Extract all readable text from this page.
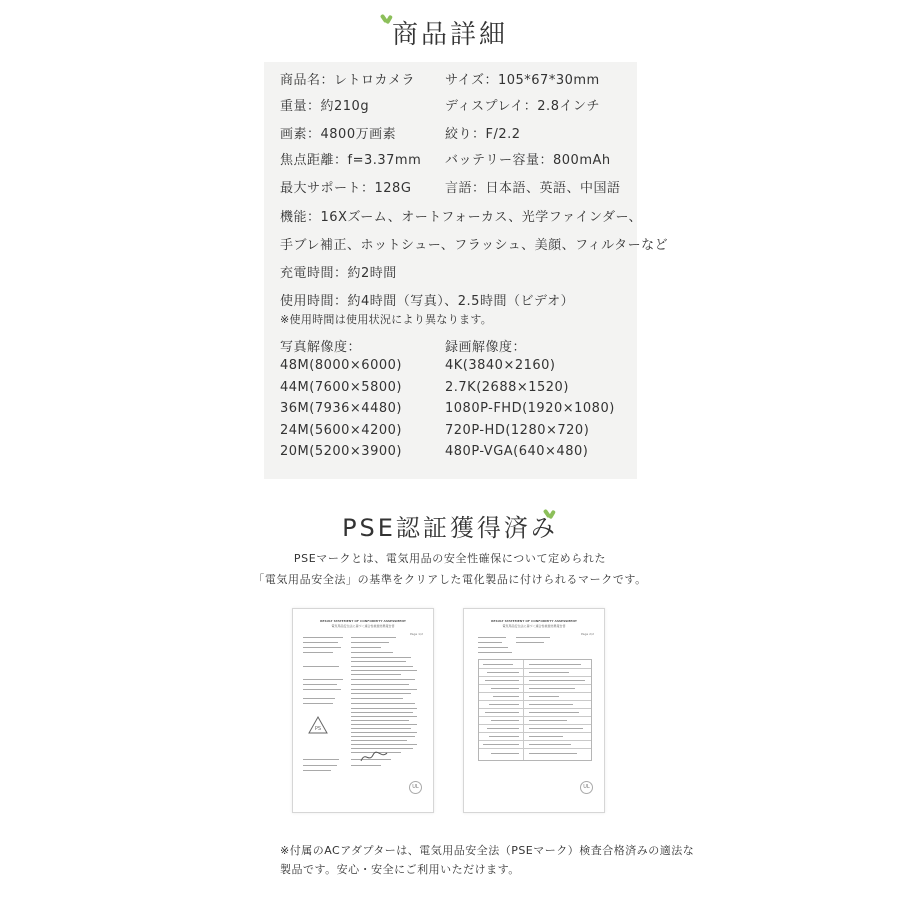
商品詳細
商品名：レトロカメラ サイズ：105*67*30mm
重量：約210g	ディスプレイ：2.8インチ
画素：4800万画素	絞り：F/2.2
焦点距離：f=3.37mm バッテリー容量：800mAh
最大サポート：128G	言語：日本語、英語、中国語
機能：16Xズーム、オートフォーカス、光学ファインダー、
手ブレ補正、ホットシュー、フラッシュ、美顔、フィルターなど
充電時間：約2時間
使用時間：約4時間（写真）、2.5時間（ビデオ）
※使用時間は使用状況により異なります。
写真解像度：	録画解像度：
48M(8000×6000)	4K(3840×2160)
44M(7600×5800)	2.7K(2688×1520)
36M(7936×4480)	1080P-FHD(1920×1080)
24M(5600×4200)	720P-HD(1280×720)
20M(5200×3900)	480P-VGA(640×480)
PSE認証獲得済み
PSEマークとは、電気用品の安全性確保について定められた
「電気用品安全法」の基準をクリアした電化製品に付けられるマークです。
RESULT STATEMENT OF CONFORMITY ASSESSMENT
電気用品安全法に基づく適合性検査結果報告書
Page 1/2
PS
UL
RESULT STATEMENT OF CONFORMITY ASSESSMENT
電気用品安全法に基づく適合性検査結果報告書
Page 2/2
UL
※付属のACアダプターは、電気用品安全法（PSEマーク）検査合格済みの適法な
製品です。安心・安全にご利用いただけます。
